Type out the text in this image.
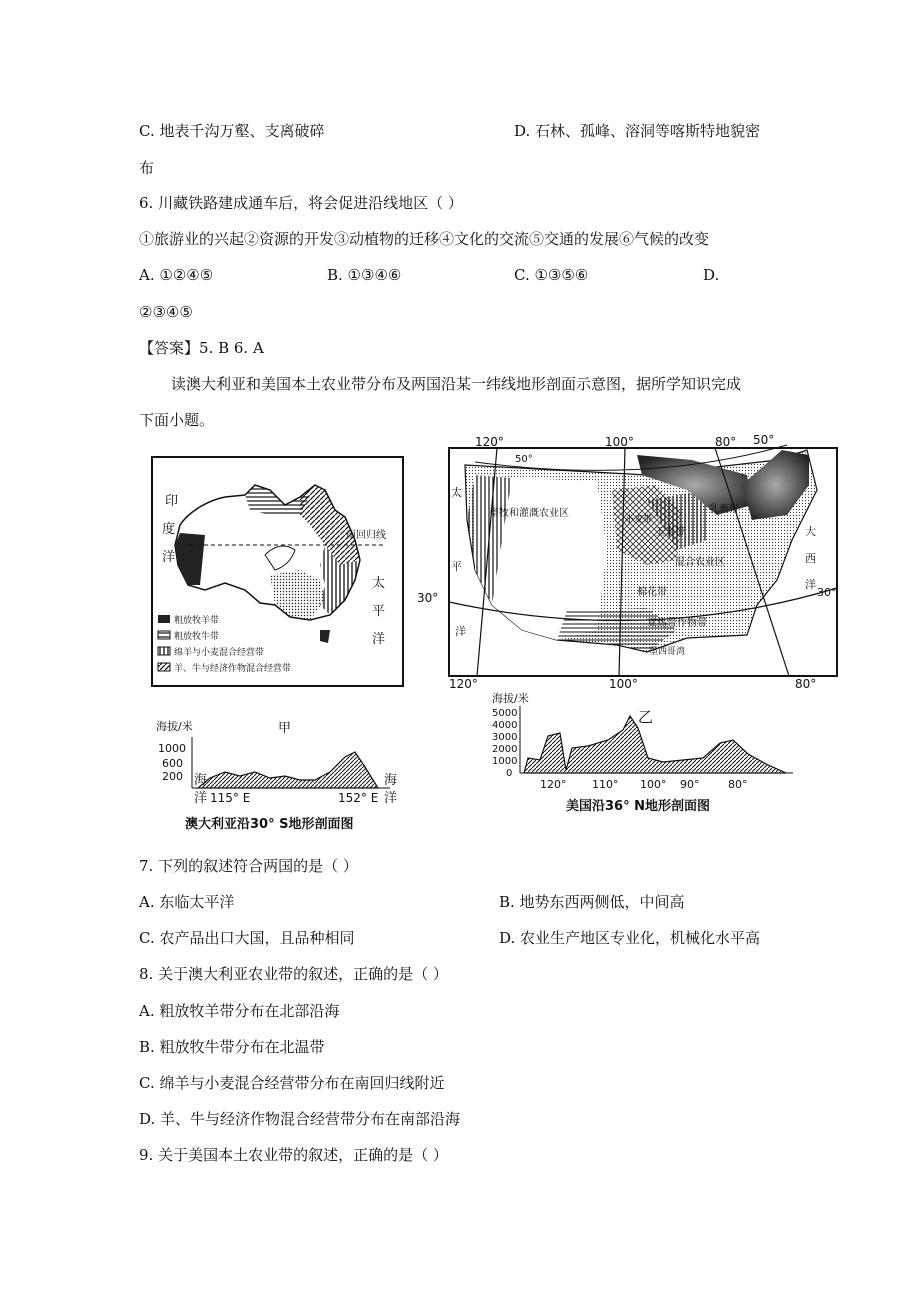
C. 地表千沟万壑、支离破碎	D. 石林、孤峰、溶洞等喀斯特地貌密
布
6. 川藏铁路建成通车后，将会促进沿线地区（ ）
①旅游业的兴起②资源的开发③动植物的迁移④文化的交流⑤交通的发展⑥气候的改变
A. ①②④⑤	B. ①③④⑥	C. ①③⑤⑥	D.
②③④⑤
【答案】5. B 6. A
读澳大利亚和美国本土农业带分布及两国沿某一纬线地形剖面示意图，据所学知识完成
下面小题。
印
度
洋
南回归线
太
平
洋
粗放牧羊带
粗放牧牛带
绵羊与小麦混合经营带
羊、牛与经济作物混合经营带
120°	100°	80° 50°
50°
120°	100°	80°
30°	30°
畜牧和灌溉农业区	乳畜带
玉米带
混合农业区
小麦带
棉花带
亚热带作物带
墨西哥湾
太
平
洋
大
西
洋
海拔/米	甲
1000
600
200 海
洋
海
洋
115° E	152° E
澳大利亚沿30° S地形剖面图
海拔/米
5000
4000
3000
2000
1000
0
乙
120° 110° 100° 90°	80°
美国沿36° N地形剖面图
7. 下列的叙述符合两国的是（ ）
A. 东临太平洋	B. 地势东西两侧低，中间高
C. 农产品出口大国，且品种相同	D. 农业生产地区专业化，机械化水平高
8. 关于澳大利亚农业带的叙述，正确的是（ ）
A. 粗放牧羊带分布在北部沿海
B. 粗放牧牛带分布在北温带
C. 绵羊与小麦混合经营带分布在南回归线附近
D. 羊、牛与经济作物混合经营带分布在南部沿海
9. 关于美国本土农业带的叙述，正确的是（ ）
